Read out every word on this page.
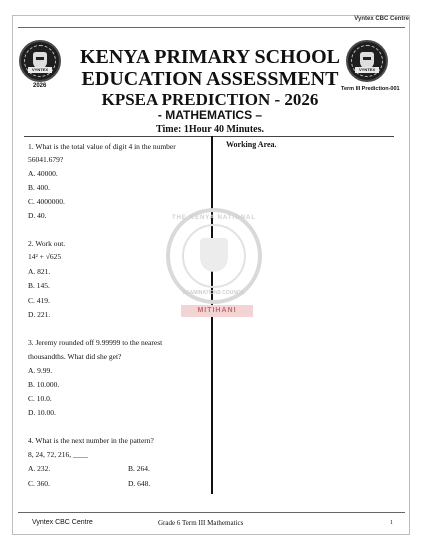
Vyntex CBC Centre
VYNTEX
2026
VYNTEX
Term III Prediction-001
KENYA PRIMARY SCHOOL
EDUCATION ASSESSMENT
KPSEA PREDICTION - 2026
- MATHEMATICS –
Time: 1Hour 40 Minutes.
THE KENYA NATIONAL
EXAMINATIONS COUNCIL
MITIHANI
Working Area.
1. What is the total value of digit 4 in the number
56041.679?
A. 40000.
B. 400.
C. 4000000.
D. 40.
2. Work out.
14² + √625
A. 821.
B. 145.
C. 419.
D. 221.
3. Jeremy rounded off 9.99999 to the nearest
thousandths. What did she get?
A. 9.99.
B. 10.000.
C. 10.0.
D. 10.00.
4. What is the next number in the pattern?
8, 24, 72, 216, ____
A. 232.	B. 264.
C. 360.	D. 648.
Vyntex CBC Centre	Grade 6 Term III Mathematics	1
